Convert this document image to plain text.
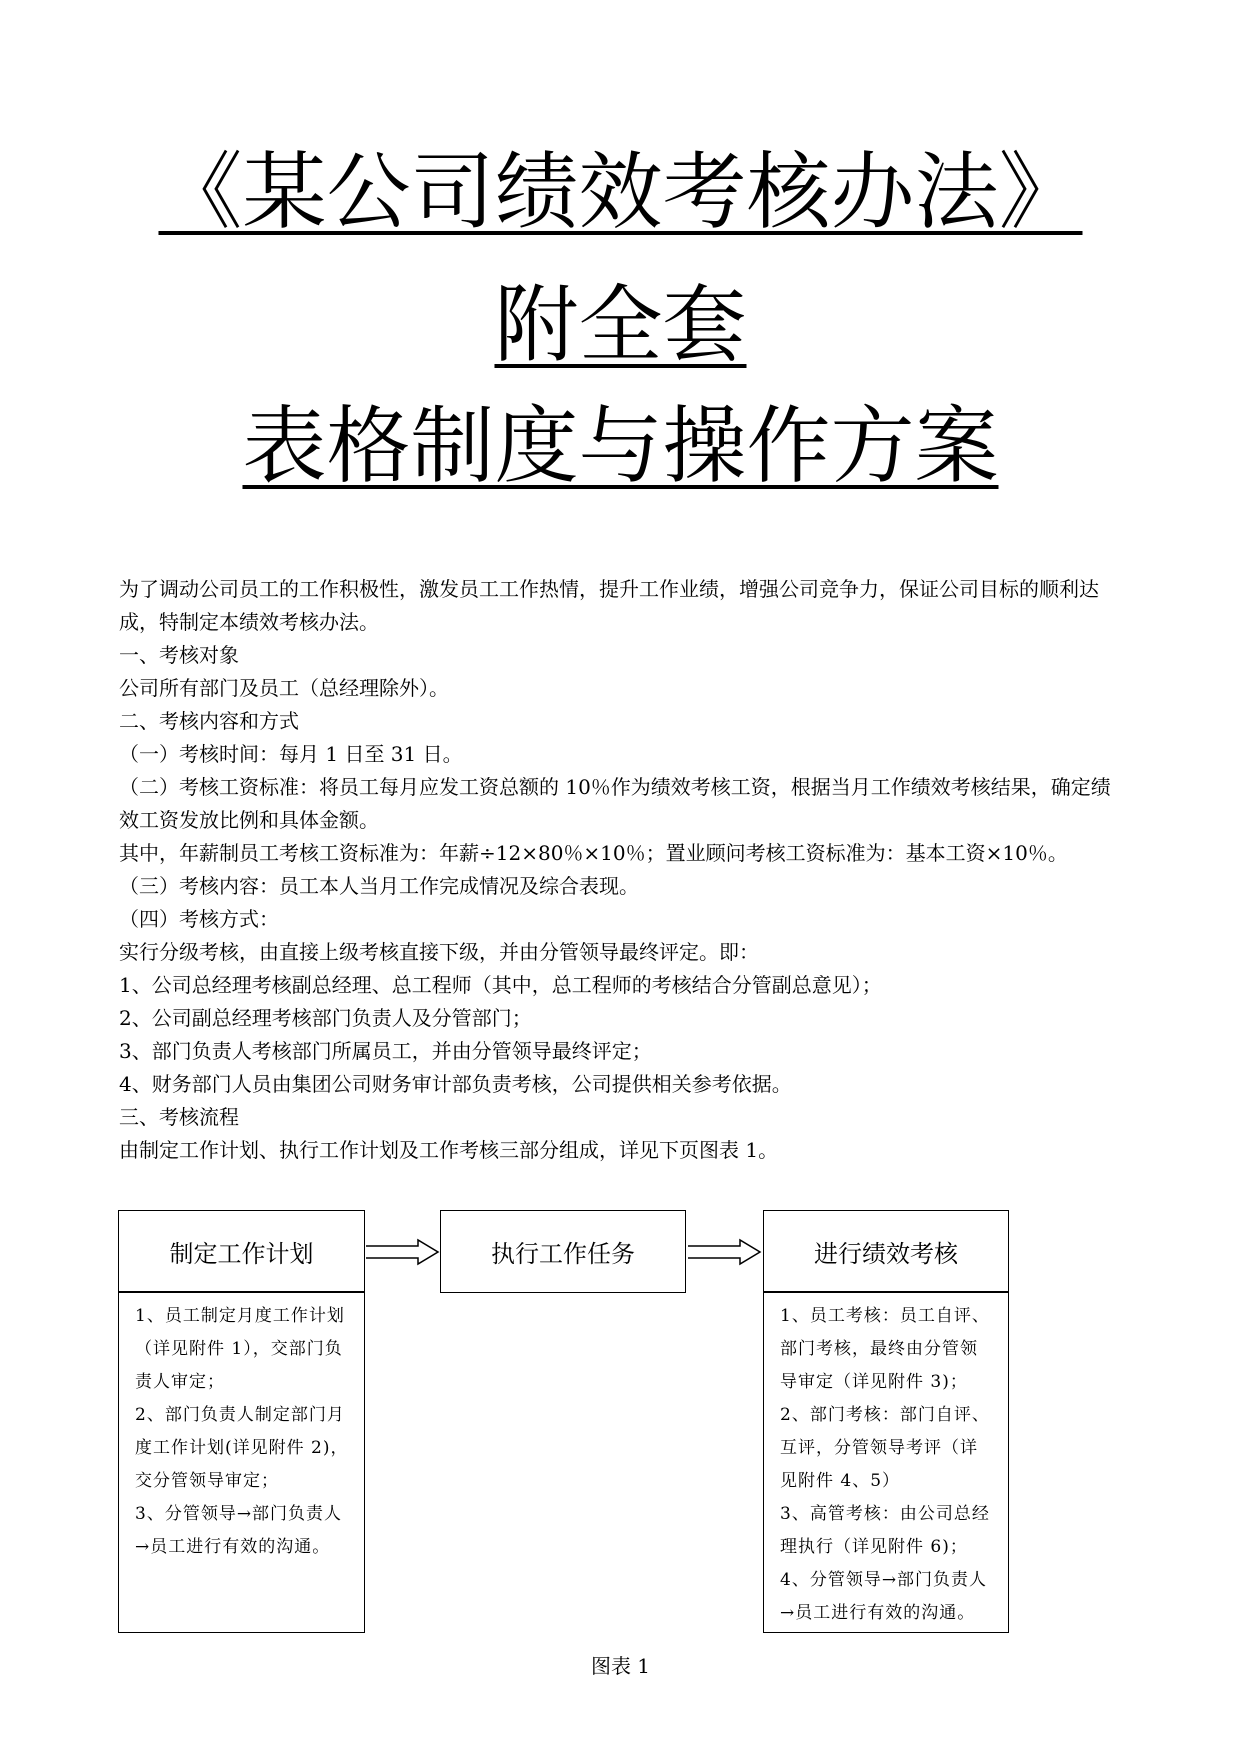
《某公司绩效考核办法》
附全套
表格制度与操作方案

为了调动公司员工的工作积极性，激发员工工作热情，提升工作业绩，增强公司竞争力，保证公司目标的顺利达成，特制定本绩效考核办法。

一、考核对象

公司所有部门及员工（总经理除外）。

二、考核内容和方式

（一）考核时间：每月 1 日至 31 日。

（二）考核工资标准：将员工每月应发工资总额的 10％作为绩效考核工资，根据当月工作绩效考核结果，确定绩效工资发放比例和具体金额。

其中，年薪制员工考核工资标准为：年薪÷12×80％×10％；置业顾问考核工资标准为：基本工资×10％。

（三）考核内容：员工本人当月工作完成情况及综合表现。

（四）考核方式：

实行分级考核，由直接上级考核直接下级，并由分管领导最终评定。即：

1、公司总经理考核副总经理、总工程师（其中，总工程师的考核结合分管副总意见）；

2、公司副总经理考核部门负责人及分管部门；

3、部门负责人考核部门所属员工，并由分管领导最终评定；

4、财务部门人员由集团公司财务审计部负责考核，公司提供相关参考依据。

三、考核流程

由制定工作计划、执行工作计划及工作考核三部分组成，详见下页图表 1。

制定工作计划	执行工作任务	进行绩效考核

1、员工制定月度工作计划

（详见附件 1），交部门负

责人审定；

2、部门负责人制定部门月

度工作计划(详见附件 2)，

交分管领导审定；

3、分管领导→部门负责人

→员工进行有效的沟通。

1、员工考核：员工自评、

部门考核，最终由分管领

导审定（详见附件 3)；

2、部门考核：部门自评、

互评，分管领导考评（详

见附件 4、5）

3、高管考核：由公司总经

理执行（详见附件 6)；

4、分管领导→部门负责人

→员工进行有效的沟通。

图表 1
